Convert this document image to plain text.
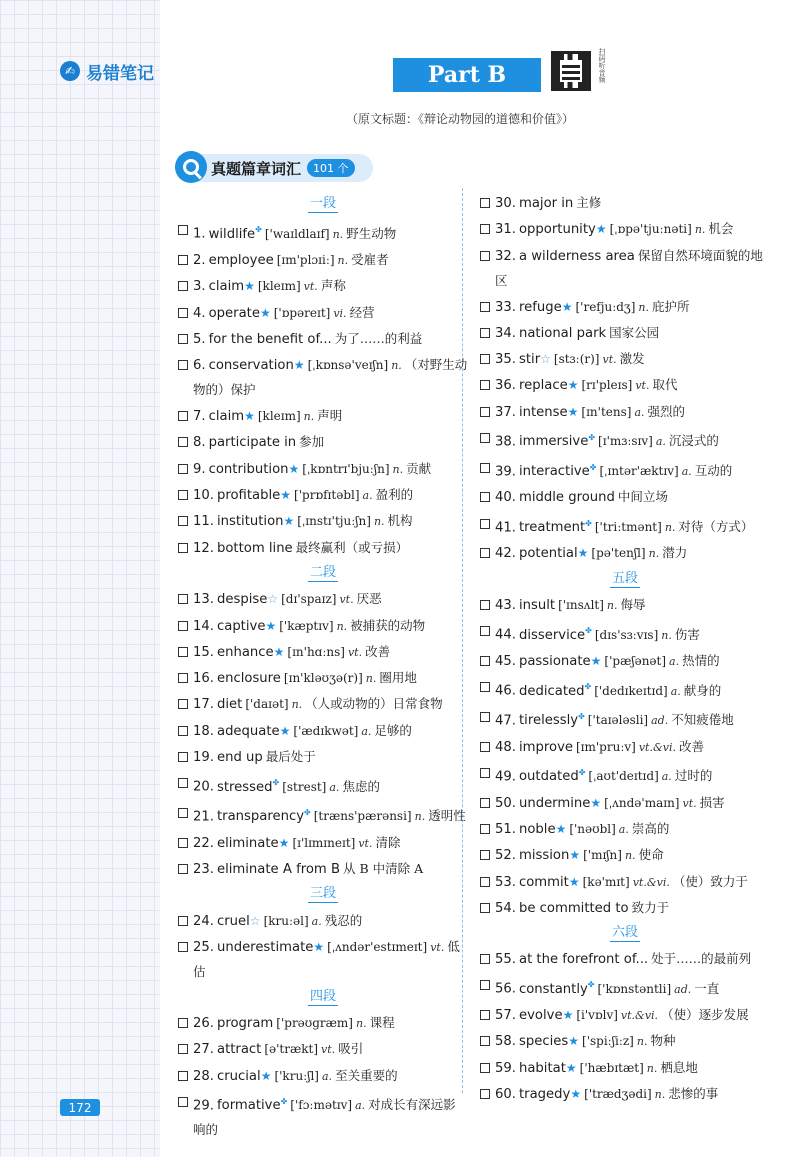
✍ 易错笔记	Part B	扫码听音频
（原文标题：《辩论动物园的道德和价值》）
真题篇章词汇	101 个
一段
1. wildlife✤ ['waɪldlaɪf] n. 野生动物
2. employee [ɪm'plɔɪiː] n. 受雇者
3. claim★ [kleɪm] vt. 声称
4. operate★ ['ɒpəreɪt] vi. 经营
5. for the benefit of... 为了……的利益
6. conservation★ [ˌkɒnsə'veɪʃn] n. （对野生动物的）保护
7. claim★ [kleɪm] n. 声明
8. participate in 参加
9. contribution★ [ˌkɒntrɪ'bjuːʃn] n. 贡献
10. profitable★ ['prɒfɪtəbl] a. 盈利的
11. institution★ [ˌɪnstɪ'tjuːʃn] n. 机构
12. bottom line 最终赢利（或亏损）
二段
13. despise☆ [dɪ'spaɪz] vt. 厌恶
14. captive★ ['kæptɪv] n. 被捕获的动物
15. enhance★ [ɪn'hɑːns] vt. 改善
16. enclosure [ɪn'kləʊʒə(r)] n. 圈用地
17. diet ['daɪət] n. （人或动物的）日常食物
18. adequate★ ['ædɪkwət] a. 足够的
19. end up 最后处于
20. stressed✤ [strest] a. 焦虑的
21. transparency✤ [træns'pærənsi] n. 透明性
22. eliminate★ [ɪ'lɪmɪneɪt] vt. 清除
23. eliminate A from B 从 B 中清除 A
三段
24. cruel☆ [kruːəl] a. 残忍的
25. underestimate★ [ˌʌndər'estɪmeɪt] vt. 低估
四段
26. program ['prəʊgræm] n. 课程
27. attract [ə'trækt] vt. 吸引
28. crucial★ ['kruːʃl] a. 至关重要的
29. formative✤ ['fɔːmətɪv] a. 对成长有深远影响的
30. major in 主修
31. opportunity★ [ˌɒpə'tjuːnəti] n. 机会
32. a wilderness area 保留自然环境面貌的地区
33. refuge★ ['refjuːdʒ] n. 庇护所
34. national park 国家公园
35. stir☆ [stɜː(r)] vt. 激发
36. replace★ [rɪ'pleɪs] vt. 取代
37. intense★ [ɪn'tens] a. 强烈的
38. immersive✤ [ɪ'mɜːsɪv] a. 沉浸式的
39. interactive✤ [ˌɪntər'æktɪv] a. 互动的
40. middle ground 中间立场
41. treatment✤ ['triːtmənt] n. 对待（方式）
42. potential★ [pə'tenʃl] n. 潜力
五段
43. insult ['ɪnsʌlt] n. 侮辱
44. disservice✤ [dɪs'sɜːvɪs] n. 伤害
45. passionate★ ['pæʃənət] a. 热情的
46. dedicated✤ ['dedɪkeɪtɪd] a. 献身的
47. tirelessly✤ ['taɪələsli] ad. 不知疲倦地
48. improve [ɪm'pruːv] vt.&vi. 改善
49. outdated✤ [ˌaʊt'deɪtɪd] a. 过时的
50. undermine★ [ˌʌndə'maɪn] vt. 损害
51. noble★ ['nəʊbl] a. 崇高的
52. mission★ ['mɪʃn] n. 使命
53. commit★ [kə'mɪt] vt.&vi. （使）致力于
54. be committed to 致力于
六段
55. at the forefront of... 处于……的最前列
56. constantly✤ ['kɒnstəntli] ad. 一直
57. evolve★ [i'vɒlv] vt.&vi. （使）逐步发展
58. species★ ['spiːʃiːz] n. 物种
59. habitat★ ['hæbɪtæt] n. 栖息地
60. tragedy★ ['trædʒədi] n. 悲惨的事
172
